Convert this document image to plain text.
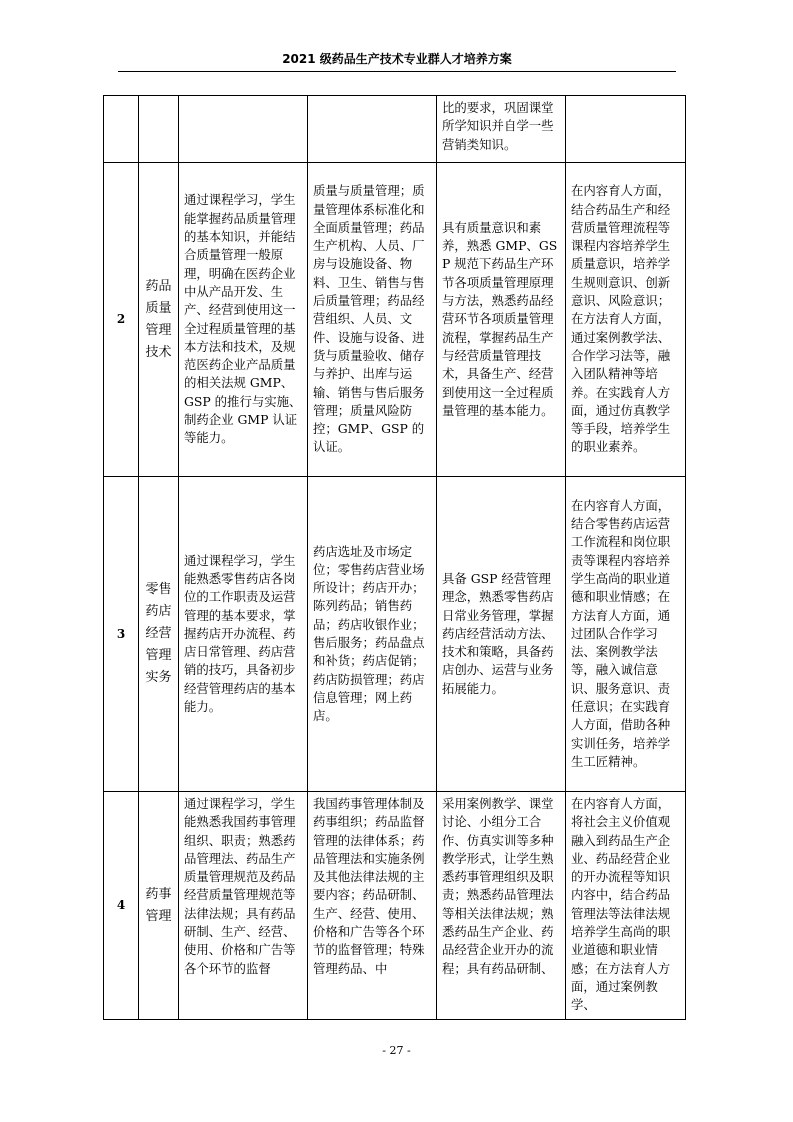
2021 级药品生产技术专业群人才培养方案
				比的要求，巩固课堂所学知识并自学一些营销类知识。	
2	药品质量管理技术	通过课程学习，学生能掌握药品质量管理的基本知识，并能结合质量管理一般原理，明确在医药企业中从产品开发、生产、经营到使用这一全过程质量管理的基本方法和技术，及规范医药企业产品质量的相关法规 GMP、GSP 的推行与实施、制药企业 GMP 认证等能力。	质量与质量管理；质量管理体系标准化和全面质量管理；药品生产机构、人员、厂房与设施设备、物料、卫生、销售与售后质量管理；药品经营组织、人员、文件、设施与设备、进货与质量验收、储存与养护、出库与运输、销售与售后服务管理；质量风险防控；GMP、GSP 的认证。	具有质量意识和素养，熟悉 GMP、GSP 规范下药品生产环节各项质量管理原理与方法，熟悉药品经营环节各项质量管理流程，掌握药品生产与经营质量管理技术，具备生产、经营到使用这一全过程质量管理的基本能力。	在内容育人方面，结合药品生产和经营质量管理流程等课程内容培养学生质量意识，培养学生规则意识、创新意识、风险意识；在方法育人方面，通过案例教学法、合作学习法等，融入团队精神等培养。在实践育人方面，通过仿真教学等手段，培养学生的职业素养。
3	零售药店经营管理实务	通过课程学习，学生能熟悉零售药店各岗位的工作职责及运营管理的基本要求，掌握药店开办流程、药店日常管理、药店营销的技巧，具备初步经营管理药店的基本能力。	药店选址及市场定位；零售药店营业场所设计；药店开办；陈列药品；销售药品；药店收银作业；售后服务；药品盘点和补货；药店促销；药店防损管理；药店信息管理；网上药店。	具备 GSP 经营管理理念，熟悉零售药店日常业务管理，掌握药店经营活动方法、技术和策略，具备药店创办、运营与业务拓展能力。	在内容育人方面，结合零售药店运营工作流程和岗位职责等课程内容培养学生高尚的职业道德和职业情感；在方法育人方面，通过团队合作学习法、案例教学法等，融入诚信意识、服务意识、责任意识；在实践育人方面，借助各种实训任务，培养学生工匠精神。
4	药事管理	通过课程学习，学生能熟悉我国药事管理组织、职责；熟悉药品管理法、药品生产质量管理规范及药品经营质量管理规范等法律法规；具有药品研制、生产、经营、使用、价格和广告等各个环节的监督	我国药事管理体制及药事组织；药品监督管理的法律体系；药品管理法和实施条例及其他法律法规的主要内容；药品研制、生产、经营、使用、价格和广告等各个环节的监督管理；特殊管理药品、中	采用案例教学、课堂讨论、小组分工合作、仿真实训等多种教学形式，让学生熟悉药事管理组织及职责；熟悉药品管理法等相关法律法规；熟悉药品生产企业、药品经营企业开办的流程；具有药品研制、	在内容育人方面，将社会主义价值观融入到药品生产企业、药品经营企业的开办流程等知识内容中，结合药品管理法等法律法规培养学生高尚的职业道德和职业情感；在方法育人方面，通过案例教学、
- 27 -
